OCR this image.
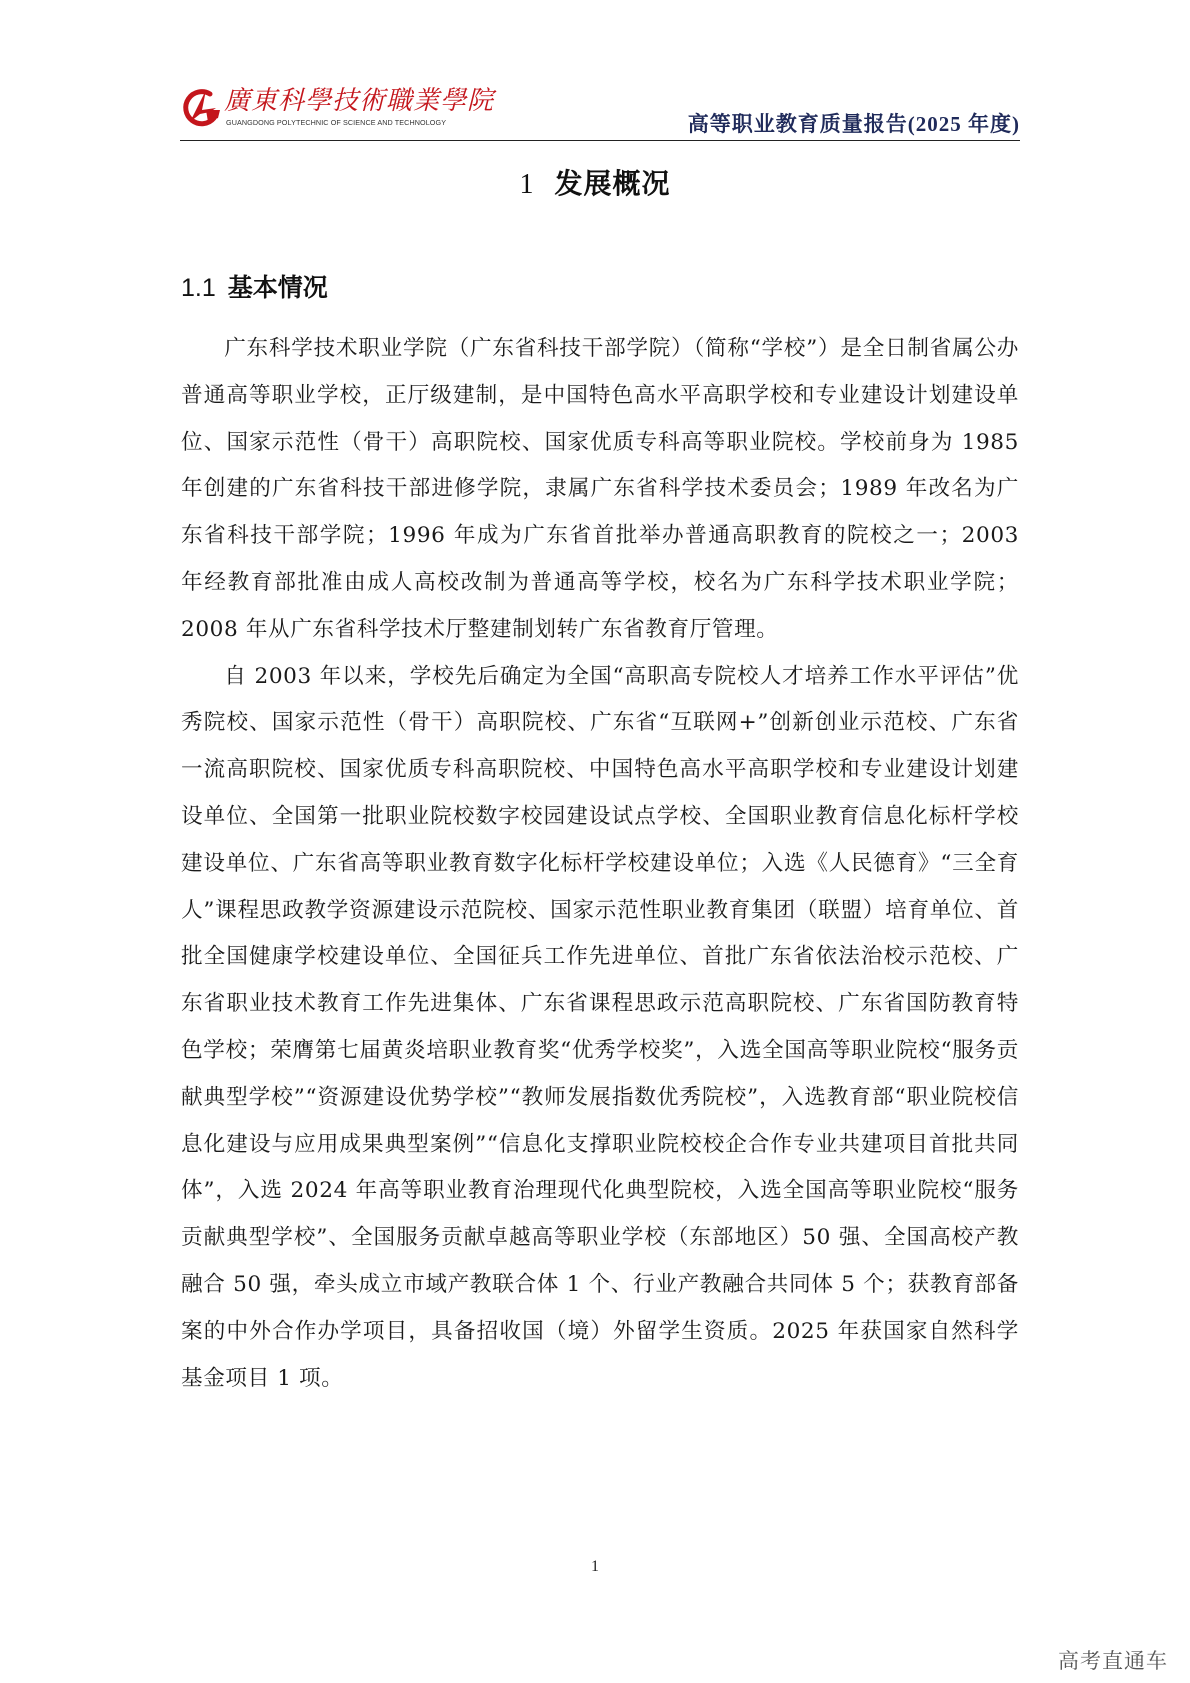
廣東科學技術職業學院
GUANGDONG POLYTECHNIC OF SCIENCE AND TECHNOLOGY	高等职业教育质量报告(2025 年度)
1 发展概况
1.1 基本情况

广东科学技术职业学院（广东省科技干部学院）（简称“学校”）是全日制省属公办普通高等职业学校，正厅级建制，是中国特色高水平高职学校和专业建设计划建设单位、国家示范性（骨干）高职院校、国家优质专科高等职业院校。学校前身为 1985 年创建的广东省科技干部进修学院，隶属广东省科学技术委员会；1989 年改名为广东省科技干部学院；1996 年成为广东省首批举办普通高职教育的院校之一；2003 年经教育部批准由成人高校改制为普通高等学校，校名为广东科学技术职业学院；2008 年从广东省科学技术厅整建制划转广东省教育厅管理。

自 2003 年以来，学校先后确定为全国“高职高专院校人才培养工作水平评估”优秀院校、国家示范性（骨干）高职院校、广东省“互联网+”创新创业示范校、广东省一流高职院校、国家优质专科高职院校、中国特色高水平高职学校和专业建设计划建设单位、全国第一批职业院校数字校园建设试点学校、全国职业教育信息化标杆学校建设单位、广东省高等职业教育数字化标杆学校建设单位；入选《人民德育》“三全育人”课程思政教学资源建设示范院校、国家示范性职业教育集团（联盟）培育单位、首批全国健康学校建设单位、全国征兵工作先进单位、首批广东省依法治校示范校、广东省职业技术教育工作先进集体、广东省课程思政示范高职院校、广东省国防教育特色学校；荣膺第七届黄炎培职业教育奖“优秀学校奖”，入选全国高等职业院校“服务贡献典型学校”“资源建设优势学校”“教师发展指数优秀院校”，入选教育部“职业院校信息化建设与应用成果典型案例”“信息化支撑职业院校校企合作专业共建项目首批共同体”，入选 2024 年高等职业教育治理现代化典型院校，入选全国高等职业院校“服务贡献典型学校”、全国服务贡献卓越高等职业学校（东部地区）50 强、全国高校产教融合 50 强，牵头成立市域产教联合体 1 个、行业产教融合共同体 5 个；获教育部备案的中外合作办学项目，具备招收国（境）外留学生资质。2025 年获国家自然科学基金项目 1 项。

1
高考直通车
